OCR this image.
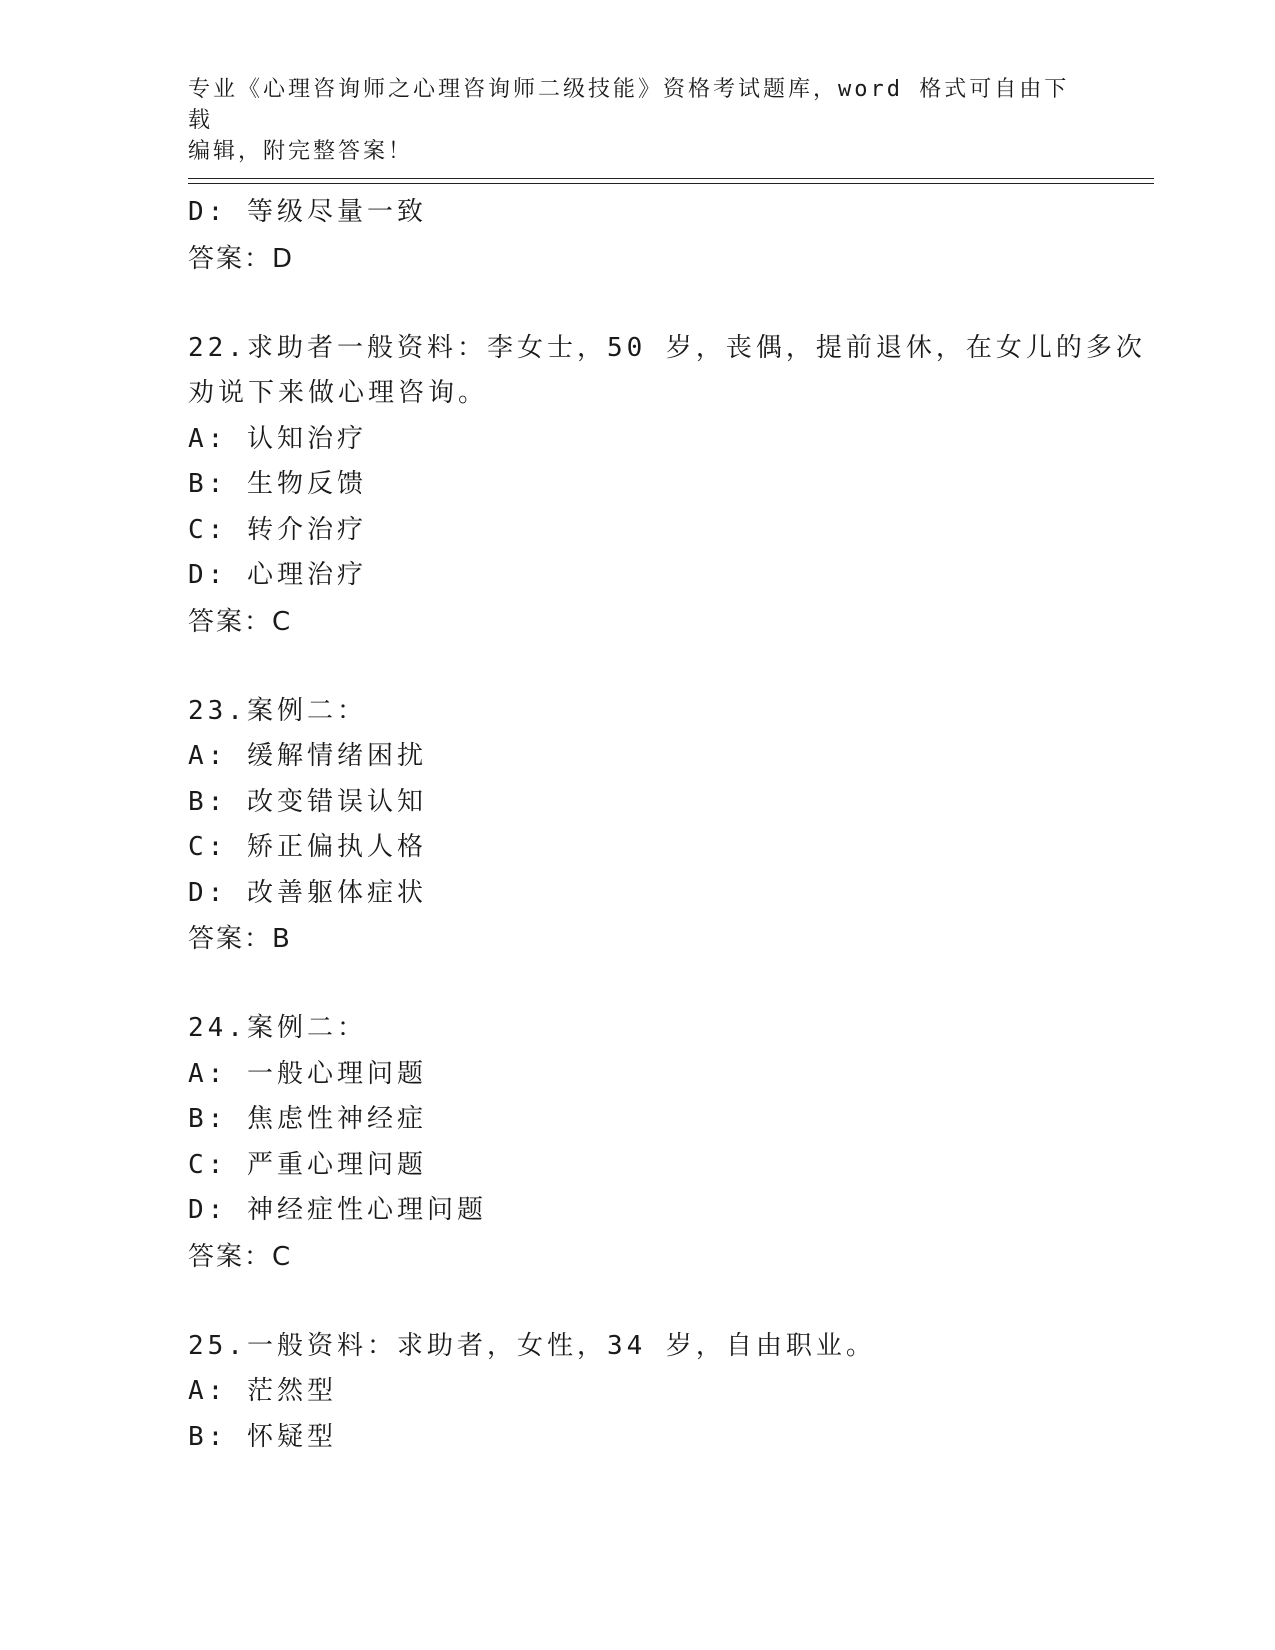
专业《心理咨询师之心理咨询师二级技能》资格考试题库，word 格式可自由下载
编辑，附完整答案！
D: 等级尽量一致
答案：D
22.求助者一般资料：李女士，50 岁，丧偶，提前退休，在女儿的多次
劝说下来做心理咨询。
A: 认知治疗
B: 生物反馈
C: 转介治疗
D: 心理治疗
答案：C
23.案例二：
A: 缓解情绪困扰
B: 改变错误认知
C: 矫正偏执人格
D: 改善躯体症状
答案：B
24.案例二：
A: 一般心理问题
B: 焦虑性神经症
C: 严重心理问题
D: 神经症性心理问题
答案：C
25.一般资料：求助者，女性，34 岁，自由职业。
A: 茫然型
B: 怀疑型
